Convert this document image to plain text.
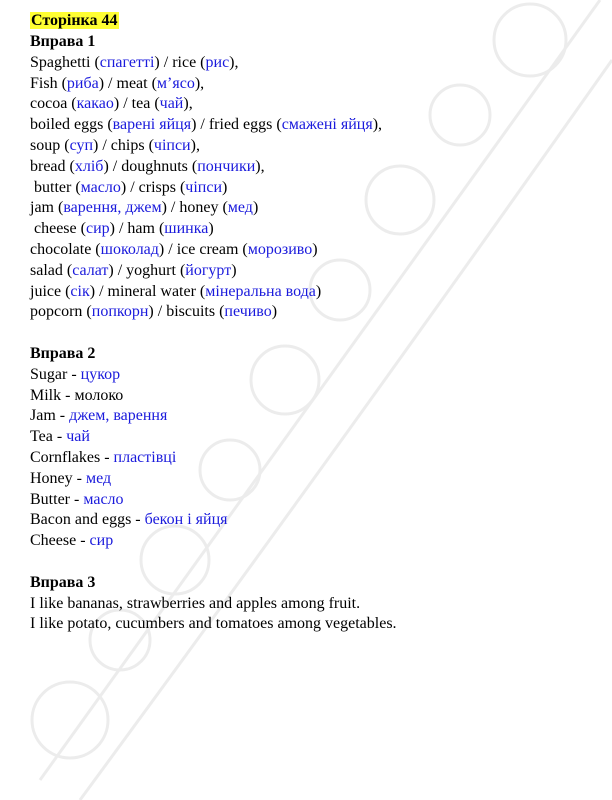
Сторінка 44
Вправа 1
Spaghetti (спагетті) / rice (рис),
Fish (риба) / meat (м’ясо),
cocoa (какао) / tea (чай),
boiled eggs (варені яйця) / fried eggs (смажені яйця),
soup (суп) / chips (чіпси),
bread (хліб) / doughnuts (пончики),
butter (масло) / crisps (чіпси)
jam (варення, джем) / honey (мед)
cheese (сир) / ham (шинка)
chocolate (шоколад) / ice cream (морозиво)
salad (салат) / yoghurt (йогурт)
juice (сік) / mineral water (мінеральна вода)
popcorn (попкорн) / biscuits (печиво)
Вправа 2
Sugar - цукор
Milk - молоко
Jam - джем, варення
Tea - чай
Cornflakes - пластівці
Honey - мед
Butter - масло
Bacon and eggs - бекон і яйця
Cheese - сир
Вправа 3
I like bananas, strawberries and apples among fruit.
I like potato, cucumbers and tomatoes among vegetables.
